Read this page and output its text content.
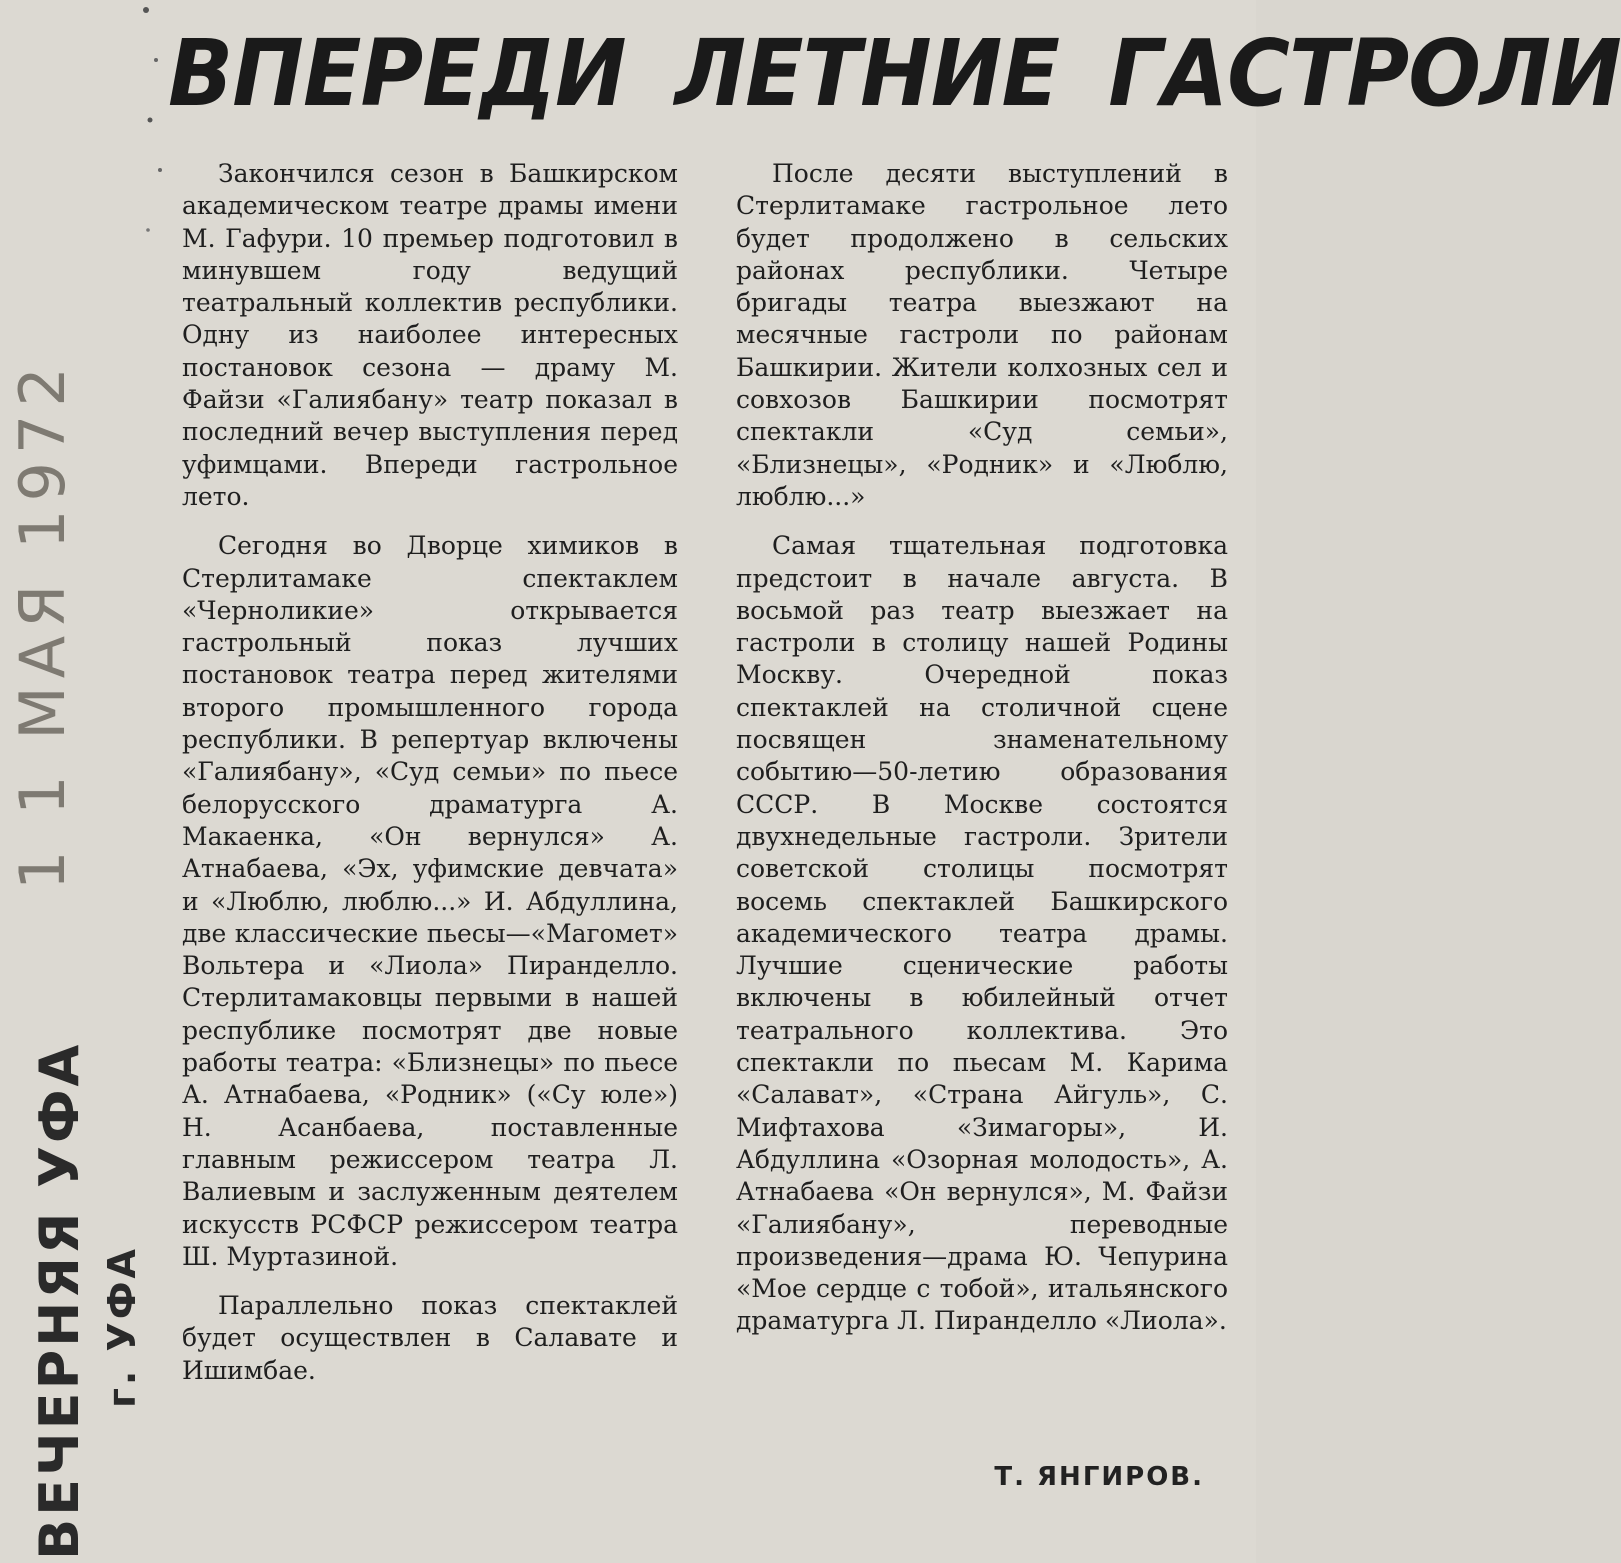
ВПЕРЕДИ ЛЕТНИЕ ГАСТРОЛИ

Закончился сезон в Башкирском академическом театре драмы имени М. Гафури. 10 премьер подготовил в минувшем году ведущий театральный коллектив республики. Одну из наиболее интересных постановок сезона — драму М. Файзи «Галиябану» театр показал в последний вечер выступления перед уфимцами. Впереди гастрольное лето.

Сегодня во Дворце химиков в Стерлитамаке спектаклем «Черноликие» открывается гастрольный показ лучших постановок театра перед жителями второго промышленного города республики. В репертуар включены «Галиябану», «Суд семьи» по пьесе белорусского драматурга А. Макаенка, «Он вернулся» А. Атнабаева, «Эх, уфимские девчата» и «Люблю, люблю...» И. Абдуллина, две классические пьесы—«Магомет» Вольтера и «Лиола» Пиранделло. Стерлитамаковцы первыми в нашей республике посмотрят две новые работы театра: «Близнецы» по пьесе А. Атнабаева, «Родник» («Су юле») Н. Асанбаева, поставленные главным режиссером театра Л. Валиевым и заслуженным деятелем искусств РСФСР режиссером театра Ш. Муртазиной.

Параллельно показ спектаклей будет осуществлен в Салавате и Ишимбае.

После десяти выступлений в Стерлитамаке гастрольное лето будет продолжено в сельских районах республики. Четыре бригады театра выезжают на месячные гастроли по районам Башкирии. Жители колхозных сел и совхозов Башкирии посмотрят спектакли «Суд семьи», «Близнецы», «Родник» и «Люблю, люблю...»

Самая тщательная подготовка предстоит в начале августа. В восьмой раз театр выезжает на гастроли в столицу нашей Родины Москву. Очередной показ спектаклей на столичной сцене посвящен знаменательному событию—50-летию образования СССР. В Москве состоятся двухнедельные гастроли. Зрители советской столицы посмотрят восемь спектаклей Башкирского академического театра драмы. Лучшие сценические работы включены в юбилейный отчет театрального коллектива. Это спектакли по пьесам М. Карима «Салават», «Страна Айгуль», С. Мифтахова «Зимагоры», И. Абдуллина «Озорная молодость», А. Атнабаева «Он вернулся», М. Файзи «Галиябану», переводные произведения—драма Ю. Чепурина «Мое сердце с тобой», итальянского драматурга Л. Пиранделло «Лиола».

Т. ЯНГИРОВ.
1 1 МАЯ 1972
ВЕЧЕРНЯЯ УФА г. УФА
